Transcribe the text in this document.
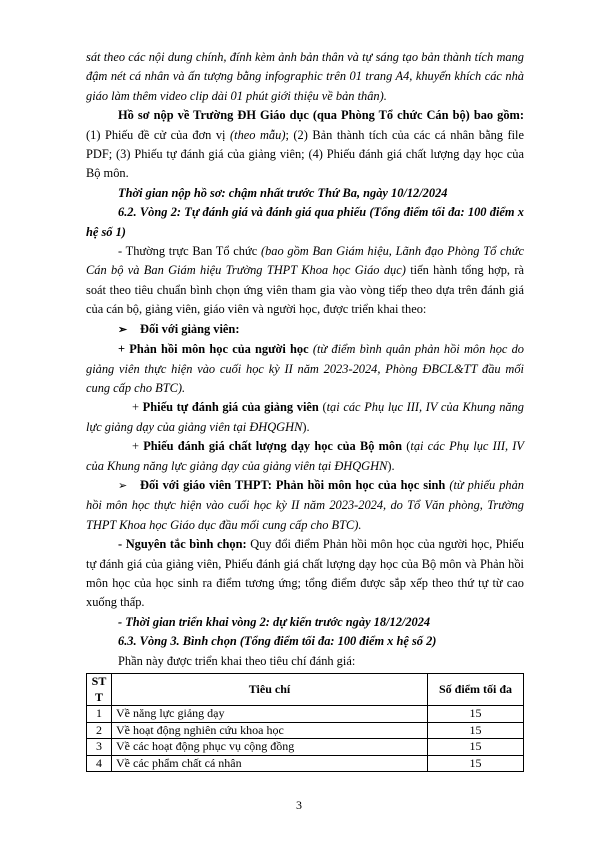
sát theo các nội dung chính, đính kèm ảnh bản thân và tự sáng tạo bản thành tích mang đậm nét cá nhân và ấn tượng bằng infographic trên 01 trang A4, khuyến khích các nhà giáo làm thêm video clip dài 01 phút giới thiệu về bản thân).

Hồ sơ nộp về Trường ĐH Giáo dục (qua Phòng Tổ chức Cán bộ) bao gồm: (1) Phiếu đề cử của đơn vị (theo mẫu); (2) Bản thành tích của các cá nhân bằng file PDF; (3) Phiếu tự đánh giá của giảng viên; (4) Phiếu đánh giá chất lượng dạy học của Bộ môn.

Thời gian nộp hồ sơ: chậm nhất trước Thứ Ba, ngày 10/12/2024

6.2. Vòng 2: Tự đánh giá và đánh giá qua phiếu (Tổng điểm tối đa: 100 điểm x hệ số 1)

- Thường trực Ban Tổ chức (bao gồm Ban Giám hiệu, Lãnh đạo Phòng Tổ chức Cán bộ và Ban Giám hiệu Trường THPT Khoa học Giáo dục) tiến hành tổng hợp, rà soát theo tiêu chuẩn bình chọn ứng viên tham gia vào vòng tiếp theo dựa trên đánh giá của cán bộ, giảng viên, giáo viên và người học, được triển khai theo:

➢ Đối với giảng viên:

+ Phản hồi môn học của người học (từ điểm bình quân phản hồi môn học do giảng viên thực hiện vào cuối học kỳ II năm 2023-2024, Phòng ĐBCL&TT đầu mối cung cấp cho BTC).

+ Phiếu tự đánh giá của giảng viên (tại các Phụ lục III, IV của Khung năng lực giảng dạy của giảng viên tại ĐHQGHN).

+ Phiếu đánh giá chất lượng dạy học của Bộ môn (tại các Phụ lục III, IV của Khung năng lực giảng dạy của giảng viên tại ĐHQGHN).

➢ Đối với giáo viên THPT: Phản hồi môn học của học sinh (từ phiếu phản hồi môn học thực hiện vào cuối học kỳ II năm 2023-2024, do Tổ Văn phòng, Trường THPT Khoa học Giáo dục đầu mối cung cấp cho BTC).

- Nguyên tắc bình chọn: Quy đổi điểm Phản hồi môn học của người học, Phiếu tự đánh giá của giảng viên, Phiếu đánh giá chất lượng dạy học của Bộ môn và Phản hồi môn học của học sinh ra điểm tương ứng; tổng điểm được sắp xếp theo thứ tự từ cao xuống thấp.

- Thời gian triển khai vòng 2: dự kiến trước ngày 18/12/2024

6.3. Vòng 3. Bình chọn (Tổng điểm tối đa: 100 điểm x hệ số 2)

Phần này được triển khai theo tiêu chí đánh giá:

ST T	Tiêu chí	Số điểm tối đa
1	Về năng lực giảng dạy	15
2	Về hoạt động nghiên cứu khoa học	15
3	Về các hoạt động phục vụ cộng đồng	15
4	Về các phẩm chất cá nhân	15
3
